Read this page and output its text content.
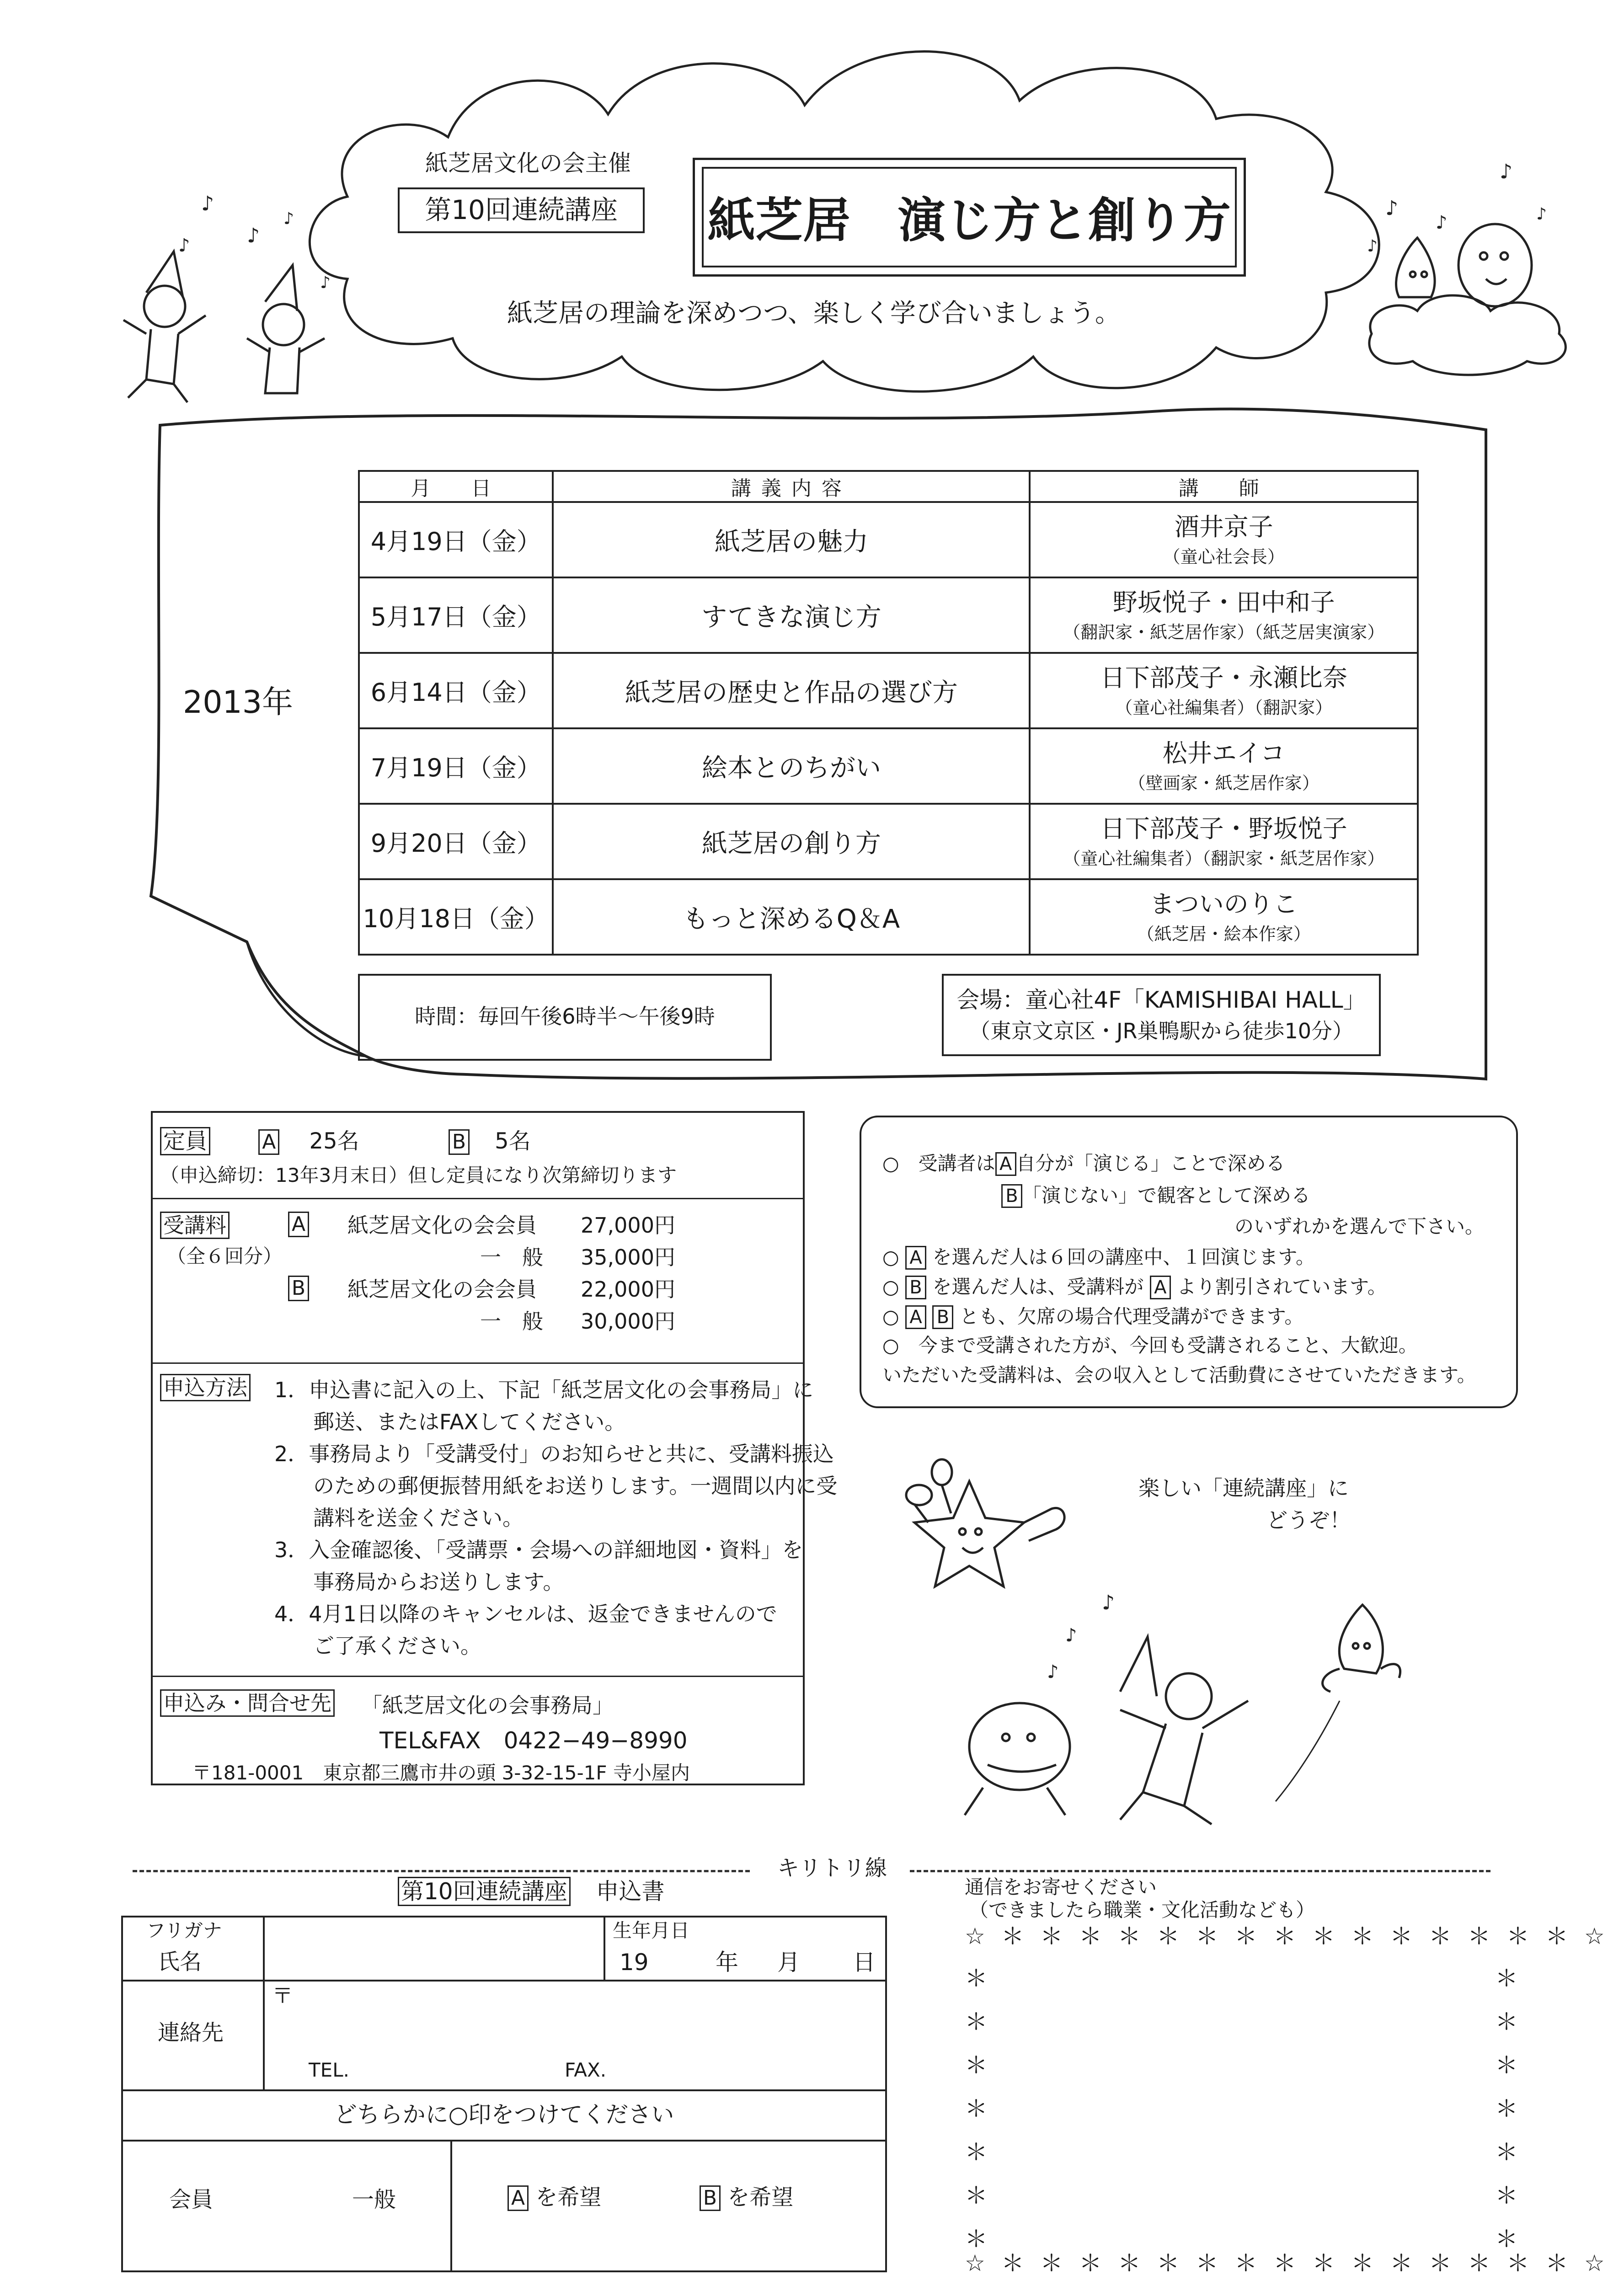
紙芝居文化の会主催
第10回連続講座	紙芝居　演じ方と創り方
紙芝居の理論を深めつつ、楽しく学び合いましょう。
♪
♪
♪
♪
♪
♪
♪
♪
♪
♪
2013年
月　日	講義内容	講　師
4月19日（金）	紙芝居の魅力	酒井京子
（童心社会長）

5月17日（金）	すてきな演じ方	野坂悦子・田中和子
（翻訳家・紙芝居作家）（紙芝居実演家）

6月14日（金）	紙芝居の歴史と作品の選び方	日下部茂子・永瀬比奈
（童心社編集者）（翻訳家）

7月19日（金）	絵本とのちがい	松井エイコ
（壁画家・紙芝居作家）

9月20日（金）	紙芝居の創り方	日下部茂子・野坂悦子
（童心社編集者）（翻訳家・紙芝居作家）

10月18日（金）	もっと深めるQ＆A	まついのりこ
（紙芝居・絵本作家）
時間：毎回午後6時半〜午後9時
会場：童心社4F「KAMISHIBAI HALL」
（東京文京区・JR巣鴨駅から徒歩10分）
定員	A 25名	B 5名
（申込締切：13年3月末日）但し定員になり次第締切ります
受講料
（全６回分）
A 紙芝居文化の会会員 27,000円
一　般 35,000円
B 紙芝居文化の会会員 22,000円
一　般 30,000円
申込方法 1．申込書に記入の上、下記「紙芝居文化の会事務局」に
郵送、またはFAXしてください。
2．事務局より「受講受付」のお知らせと共に、受講料振込
のための郵便振替用紙をお送りします。一週間以内に受
講料を送金ください。
3．入金確認後、「受講票・会場への詳細地図・資料」を
事務局からお送りします。
4．4月1日以降のキャンセルは、返金できませんので
ご了承ください。
申込み・問合せ先 「紙芝居文化の会事務局」
TEL&FAX　0422−49−8990
〒181-0001　東京都三鷹市井の頭 3-32-15-1F 寺小屋内
○　受講者は A 自分が「演じる」ことで深める
B 「演じない」で観客として深める
のいずれかを選んで下さい。
○ A を選んだ人は６回の講座中、１回演じます。
○ B を選んだ人は、受講料が A より割引されています。
○ A B とも、欠席の場合代理受講ができます。
○　今まで受講された方が、今回も受講されること、大歓迎。
いただいた受講料は、会の収入として活動費にさせていただきます。
楽しい「連続講座」に
どうぞ！
♪
♪
♪
キリトリ線
第10回連続講座 申込書
フリガナ
氏名
生年月日
19	年 月 日
連絡先
〒
TEL.	FAX.
どちらかに○印をつけてください
会員	一般	A を希望	B を希望
通信をお寄せください
（できましたら職業・文化活動なども）
☆＊＊＊＊＊＊＊＊＊＊＊＊＊＊＊☆
＊
＊
＊
＊
＊
＊
＊
＊
＊
＊
＊
＊
＊
＊
☆＊＊＊＊＊＊＊＊＊＊＊＊＊＊＊☆
